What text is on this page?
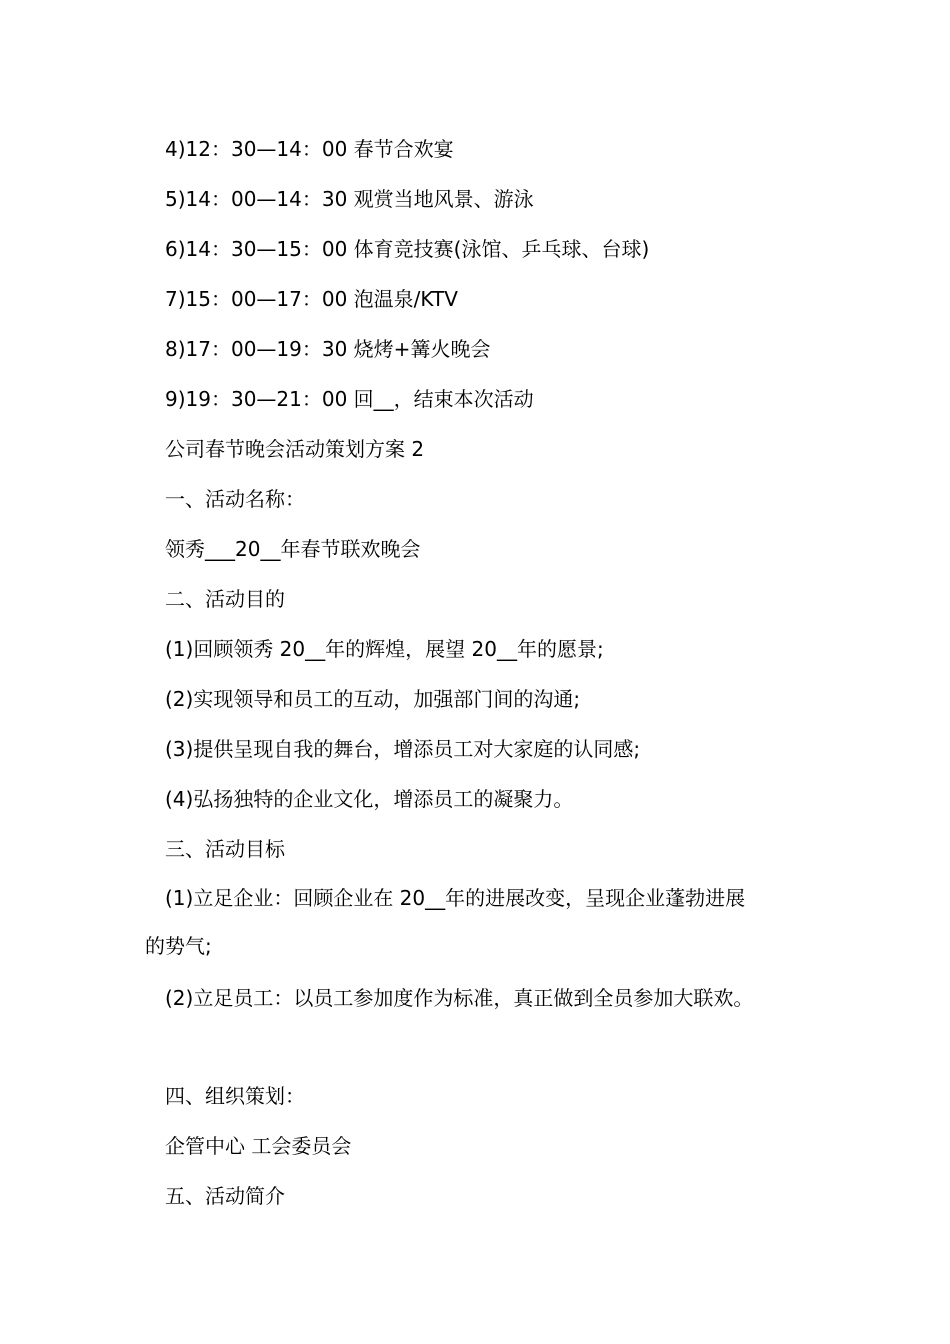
4)12：30—14：00 春节合欢宴
5)14：00—14：30 观赏当地风景、游泳
6)14：30—15：00 体育竞技赛(泳馆、乒乓球、台球)
7)15：00—17：00 泡温泉/KTV
8)17：00—19：30 烧烤+篝火晚会
9)19：30—21：00 回__，结束本次活动
公司春节晚会活动策划方案 2
一、活动名称：
领秀___20__年春节联欢晚会
二、活动目的
(1)回顾领秀 20__年的辉煌，展望 20__年的愿景;
(2)实现领导和员工的互动，加强部门间的沟通;
(3)提供呈现自我的舞台，增添员工对大家庭的认同感;
(4)弘扬独特的企业文化，增添员工的凝聚力。
三、活动目标
(1)立足企业：回顾企业在 20__年的进展改变，呈现企业蓬勃进展
的势气;
(2)立足员工：以员工参加度作为标准，真正做到全员参加大联欢。
四、组织策划：
企管中心 工会委员会
五、活动简介
